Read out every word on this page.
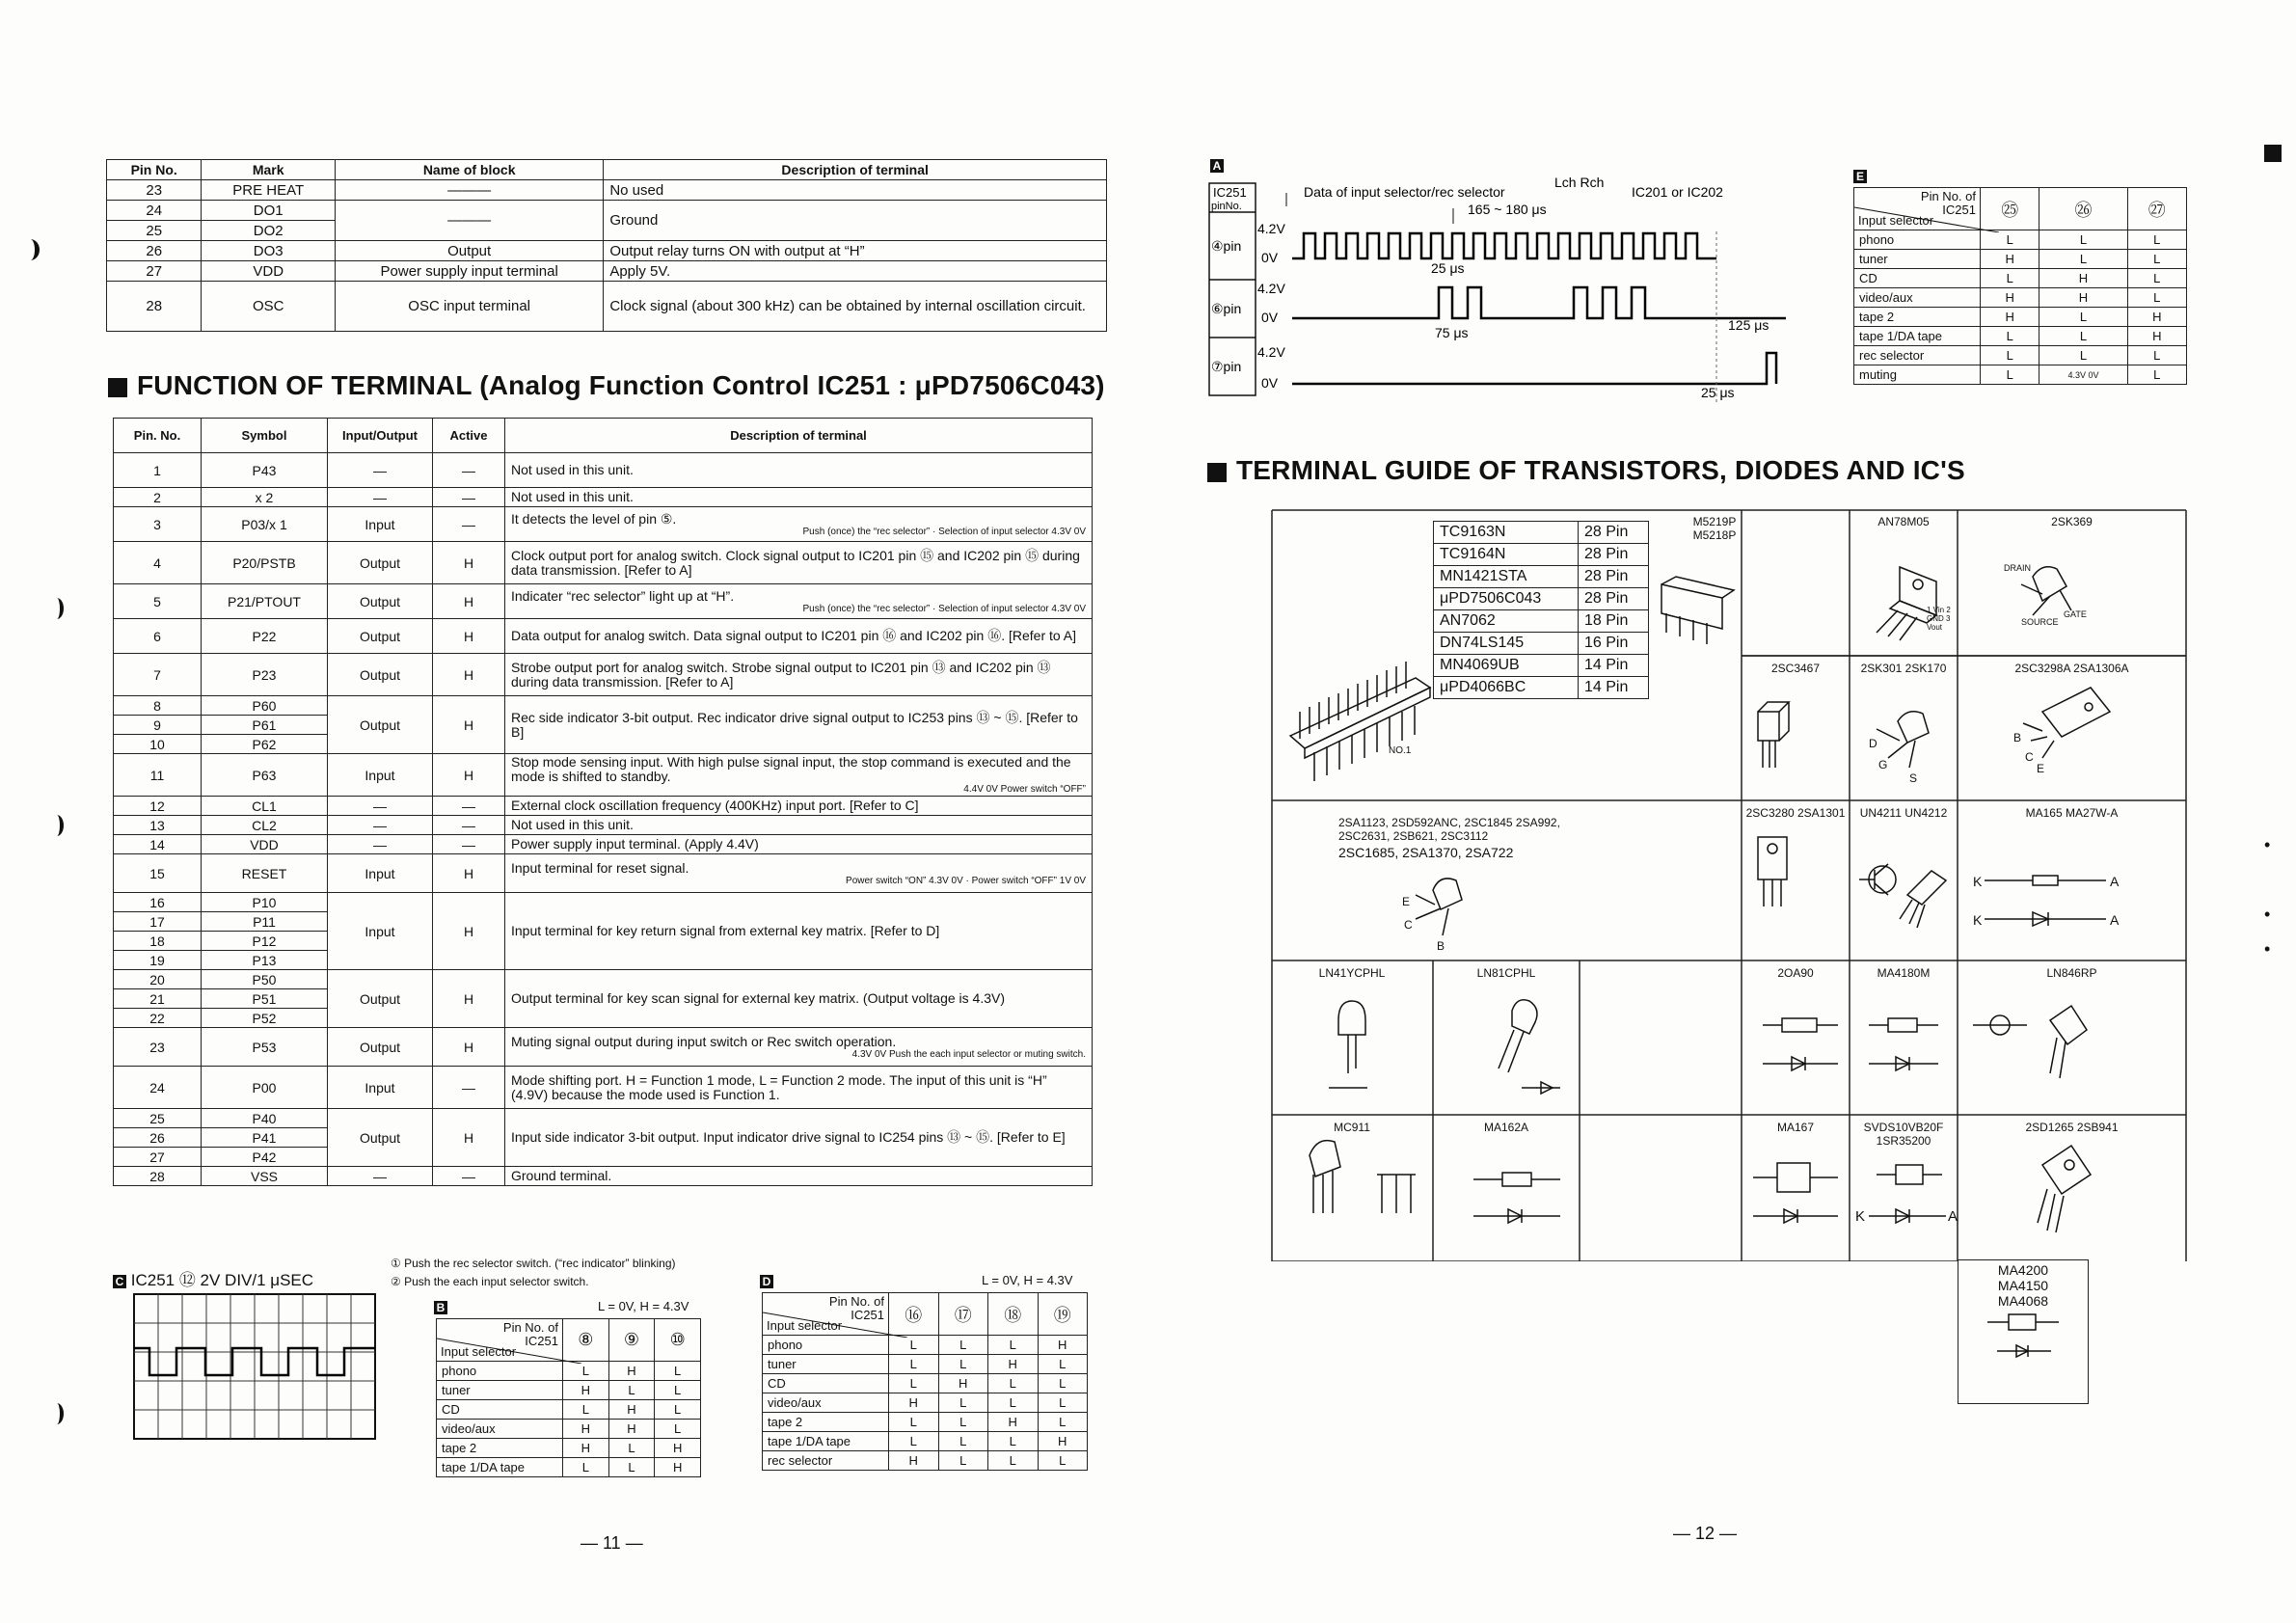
Pin No.	Mark	Name of block	Description of terminal
23	PRE HEAT	———	No used
24	DO1	———	Ground
25	DO2		
26	DO3	Output	Output relay turns ON with output at “H”
27	VDD	Power supply input terminal	Apply 5V.
28	OSC	OSC input terminal	Clock signal (about 300 kHz) can be obtained by internal oscillation circuit.
FUNCTION OF TERMINAL (Analog Function Control IC251 : μPD7506C043)
Pin. No.	Symbol	Input/Output	Active	Description of terminal
1	P43	—	—	Not used in this unit.
2	x 2	—	—	Not used in this unit.
3	P03/x 1	Input	—	It detects the level of pin ⑤.
Push (once) the “rec selector” · Selection of input selector 4.3V 0V

4	P20/PSTB	Output	H	Clock output port for analog switch. Clock signal output to IC201 pin ⑮ and IC202 pin ⑮ during data transmission. [Refer to A]
5	P21/PTOUT	Output	H	Indicater “rec selector” light up at “H”.
Push (once) the “rec selector” · Selection of input selector 4.3V 0V

6	P22	Output	H	Data output for analog switch. Data signal output to IC201 pin ⑯ and IC202 pin ⑯. [Refer to A]
7	P23	Output	H	Strobe output port for analog switch. Strobe signal output to IC201 pin ⑬ and IC202 pin ⑬ during data transmission. [Refer to A]
8	P60	Output	H	Rec side indicator 3-bit output. Rec indicator drive signal output to IC253 pins ⑬ ~ ⑮. [Refer to B]
9	P61			
10	P62			
11	P63	Input	H	Stop mode sensing input. With high pulse signal input, the stop command is executed and the mode is shifted to standby.
4.4V 0V Power switch “OFF”

12	CL1	—	—	External clock oscillation frequency (400KHz) input port. [Refer to C]
13	CL2	—	—	Not used in this unit.
14	VDD	—	—	Power supply input terminal. (Apply 4.4V)
15	RESET	Input	H	Input terminal for reset signal.
Power switch “ON” 4.3V 0V · Power switch “OFF” 1V 0V

16	P10	Input	H	Input terminal for key return signal from external key matrix. [Refer to D]
17	P11			
18	P12			
19	P13			
20	P50	Output	H	Output terminal for key scan signal for external key matrix. (Output voltage is 4.3V)
21	P51			
22	P52			
23	P53	Output	H	Muting signal output during input switch or Rec switch operation.
4.3V 0V Push the each input selector or muting switch.

24	P00	Input	—	Mode shifting port. H = Function 1 mode, L = Function 2 mode. The input of this unit is “H” (4.9V) because the mode used is Function 1.
25	P40	Output	H	Input side indicator 3-bit output. Input indicator drive signal to IC254 pins ⑬ ~ ⑮. [Refer to E]
26	P41			
27	P42			
28	VSS	—	—	Ground terminal.
C IC251 ⑫ 2V DIV/1 μSEC
① Push the rec selector switch. (“rec indicator” blinking)
② Push the each input selector switch.
B	L = 0V, H = 4.3V
Pin No. of IC251
Input selector	⑧	⑨	⑩
phono	L	H	L
tuner	H	L	L
CD	L	H	L
video/aux	H	H	L
tape 2	H	L	H
tape 1/DA tape	L	L	H
D	L = 0V, H = 4.3V
Pin No. of IC251
Input selector	⑯	⑰	⑱	⑲
phono	L	L	L	H
tuner	L	L	H	L
CD	L	H	L	L
video/aux	H	L	L	L
tape 2	L	L	H	L
tape 1/DA tape	L	L	L	H
rec selector	H	L	L	L
A
IC251
pinNo.
④pin
⑥pin
⑦pin
4.2V
0V
4.2V
0V
4.2V
0V
Data of input selector/rec selector
Lch Rch
IC201 or IC202
165 ~ 180 μs
25 μs
75 μs	125 μs
25 μs
E
Pin No. of IC251
Input selector	㉕	㉖	㉗
phono	L	L	L
tuner	H	L	L
CD	L	H	L
video/aux	H	H	L
tape 2	H	L	H
tape 1/DA tape	L	L	H
rec selector	L	L	L
muting	L	4.3V 0V	L
TERMINAL GUIDE OF TRANSISTORS, DIODES AND IC'S
TC9163N	28 Pin
TC9164N	28 Pin
MN1421STA	28 Pin
μPD7506C043	28 Pin
AN7062	18 Pin
DN74LS145	16 Pin
MN4069UB	14 Pin
μPD4066BC	14 Pin
NO.1
M5219P M5218P
AN78M05
1 Vin 2 GND 3 Vout
2SK369
DRAIN
GATE
SOURCE
2SC3467	2SK301 2SK170	2SC3298A 2SA1306A
D
G
S
B
C
E
2SA1123, 2SD592ANC, 2SC1845 2SA992, 2SC2631, 2SB621, 2SC3112
2SC1685, 2SA1370, 2SA722
E
C
B
2SC3280 2SA1301	UN4211 UN4212	MA165 MA27W-A
K	A
K	A
LN41YCPHL	LN81CPHL	2OA90	MA4180M	LN846RP
MC911	MA162A	MA167	SVDS10VB20F 1SR35200
2SD1265 2SB941
K	A
MA4200 MA4150 MA4068
•

•
•
— 11 —	— 12 —
